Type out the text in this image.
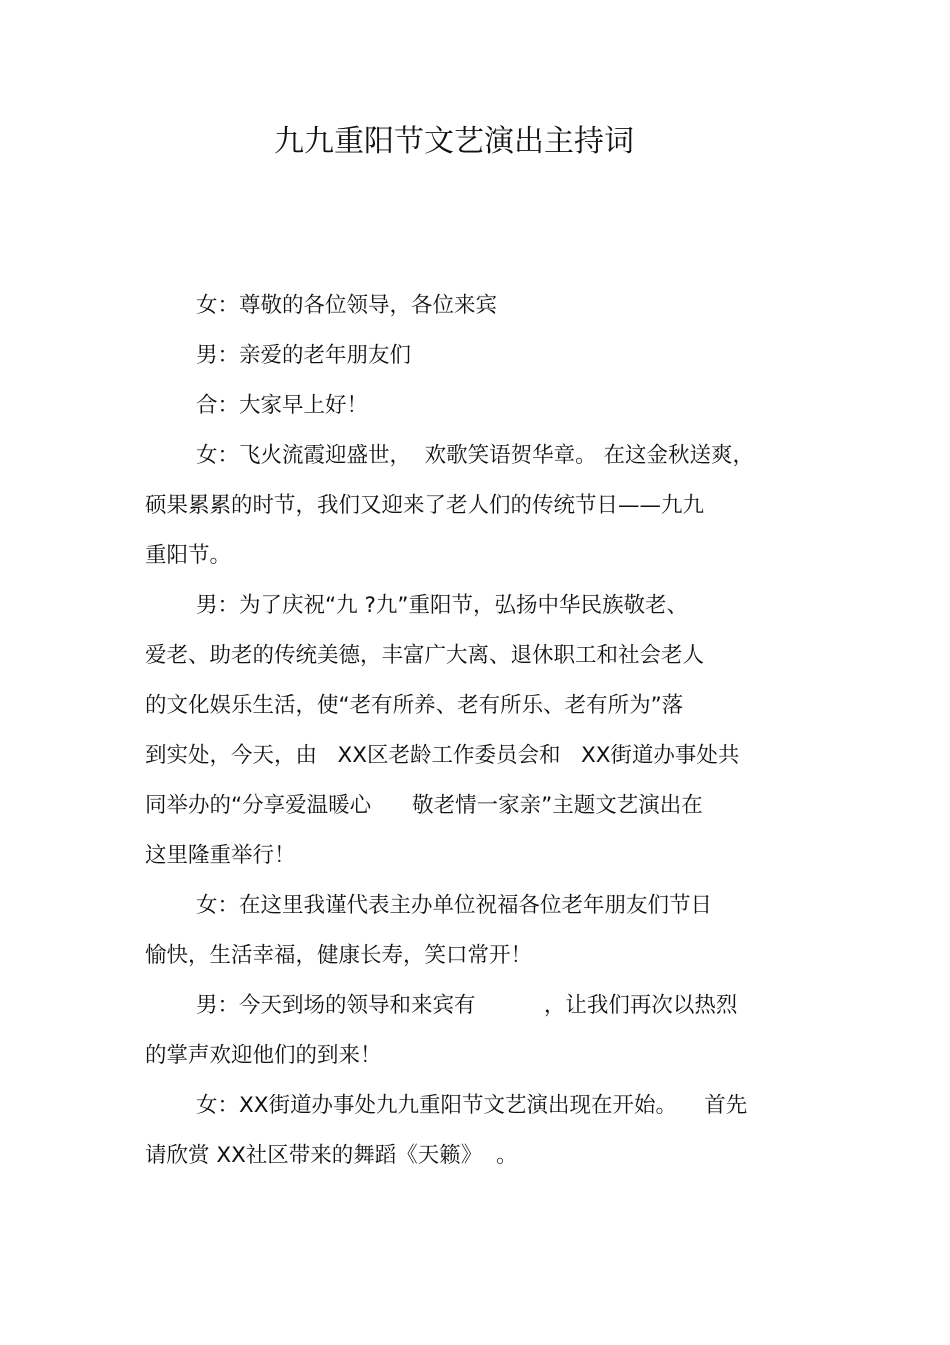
九九重阳节文艺演出主持词

女：尊敬的各位领导，各位来宾

男：亲爱的老年朋友们

合：大家早上好！

女：飞火流霞迎盛世，  欢歌笑语贺华章。 在这金秋送爽，

硕果累累的时节，我们又迎来了老人们的传统节日——九九

重阳节。

男：为了庆祝“九 ?九”重阳节，弘扬中华民族敬老、

爱老、助老的传统美德，丰富广大离、退休职工和社会老人

的文化娱乐生活，使“老有所养、老有所乐、老有所为”落

到实处，今天，由   XX区老龄工作委员会和   XX街道办事处共

同举办的“分享爱温暖心      敬老情一家亲”主题文艺演出在

这里隆重举行！

女：在这里我谨代表主办单位祝福各位老年朋友们节日

愉快，生活幸福，健康长寿，笑口常开！

男：今天到场的领导和来宾有          ，让我们再次以热烈

的掌声欢迎他们的到来！

女：XX街道办事处九九重阳节文艺演出现在开始。    首先

请欣赏 XX社区带来的舞蹈《天籁》  。
